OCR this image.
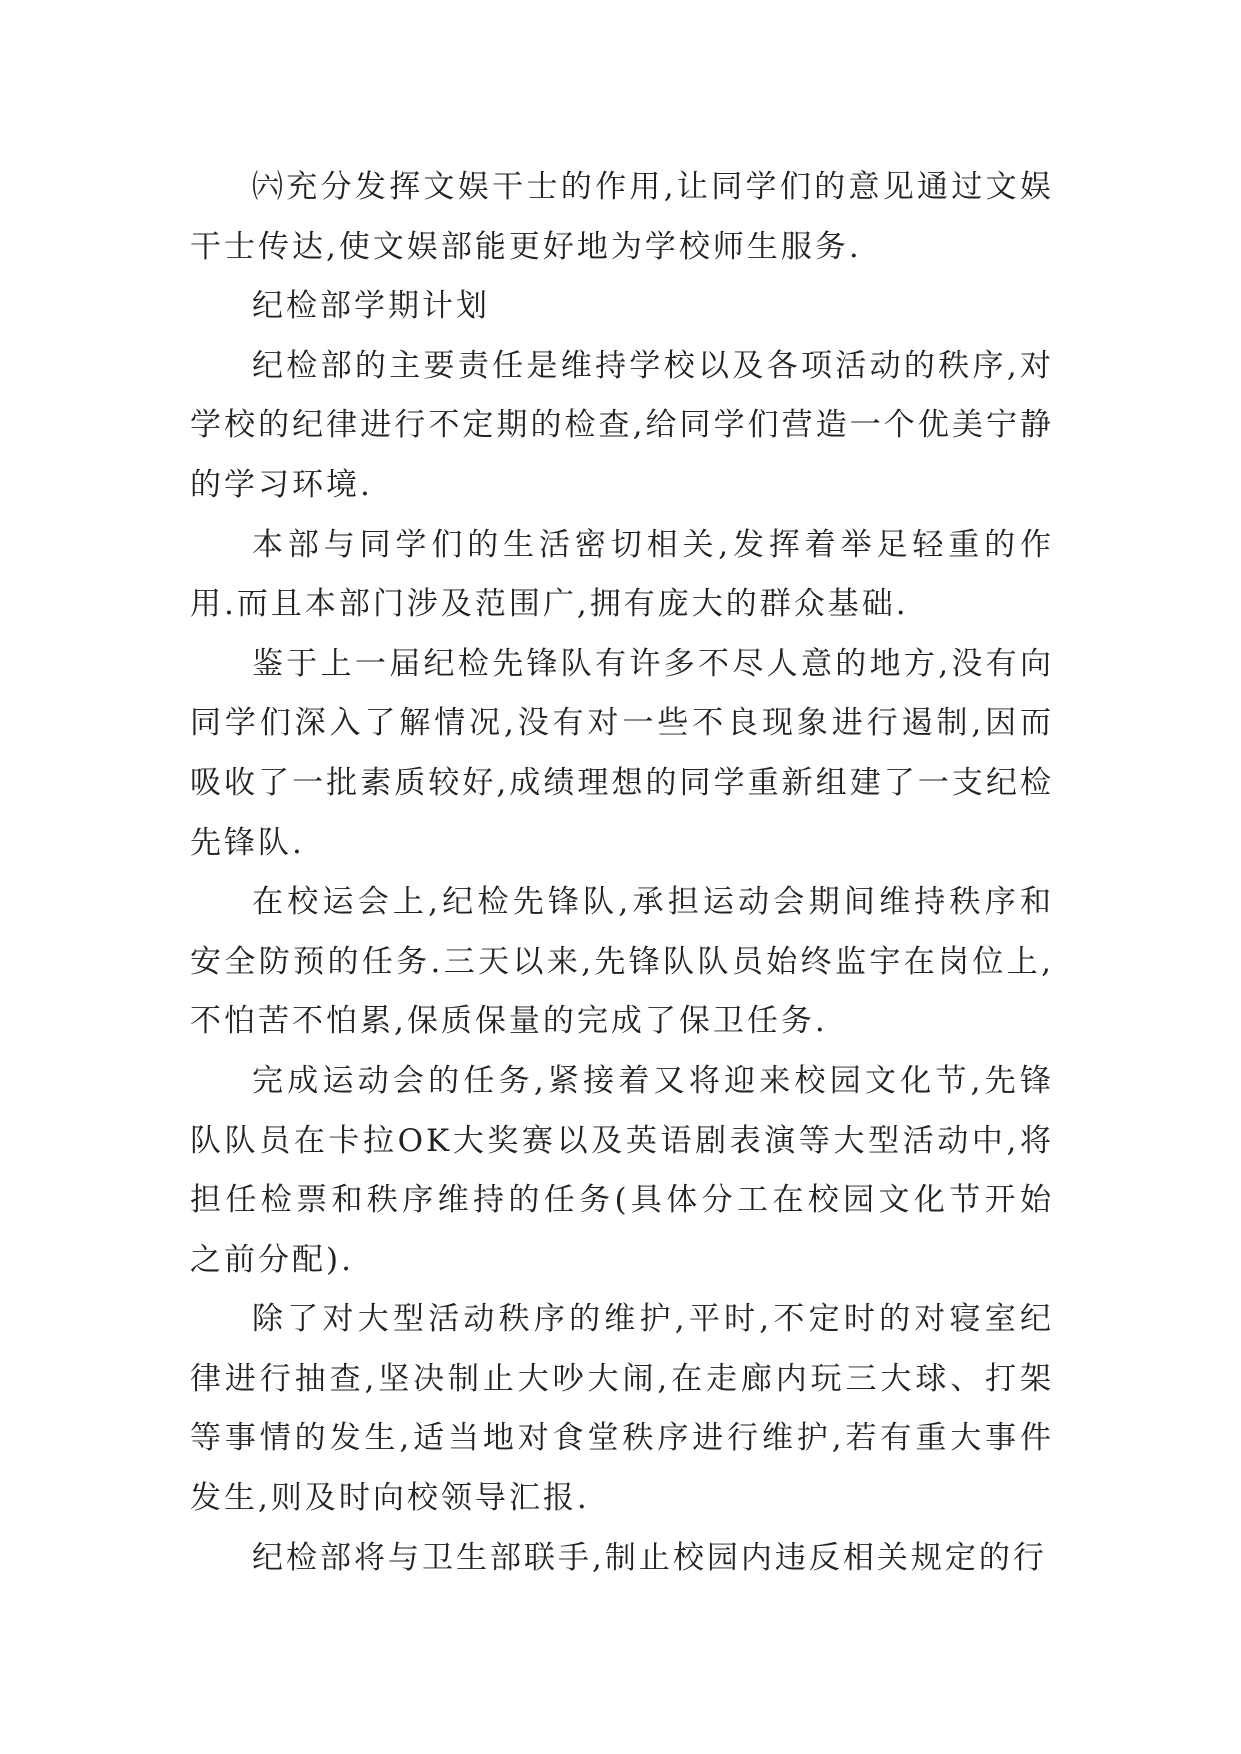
㈥充分发挥文娱干士的作用,让同学们的意见通过文娱干士传达,使文娱部能更好地为学校师生服务.

纪检部学期计划

纪检部的主要责任是维持学校以及各项活动的秩序,对学校的纪律进行不定期的检查,给同学们营造一个优美宁静的学习环境.

本部与同学们的生活密切相关,发挥着举足轻重的作用.而且本部门涉及范围广,拥有庞大的群众基础.

鉴于上一届纪检先锋队有许多不尽人意的地方,没有向同学们深入了解情况,没有对一些不良现象进行遏制,因而吸收了一批素质较好,成绩理想的同学重新组建了一支纪检先锋队.

在校运会上,纪检先锋队,承担运动会期间维持秩序和安全防预的任务.三天以来,先锋队队员始终监宇在岗位上,不怕苦不怕累,保质保量的完成了保卫任务.

完成运动会的任务,紧接着又将迎来校园文化节,先锋队队员在卡拉OK大奖赛以及英语剧表演等大型活动中,将担任检票和秩序维持的任务(具体分工在校园文化节开始之前分配).

除了对大型活动秩序的维护,平时,不定时的对寝室纪律进行抽查,坚决制止大吵大闹,在走廊内玩三大球、打架等事情的发生,适当地对食堂秩序进行维护,若有重大事件发生,则及时向校领导汇报.

纪检部将与卫生部联手,制止校园内违反相关规定的行
